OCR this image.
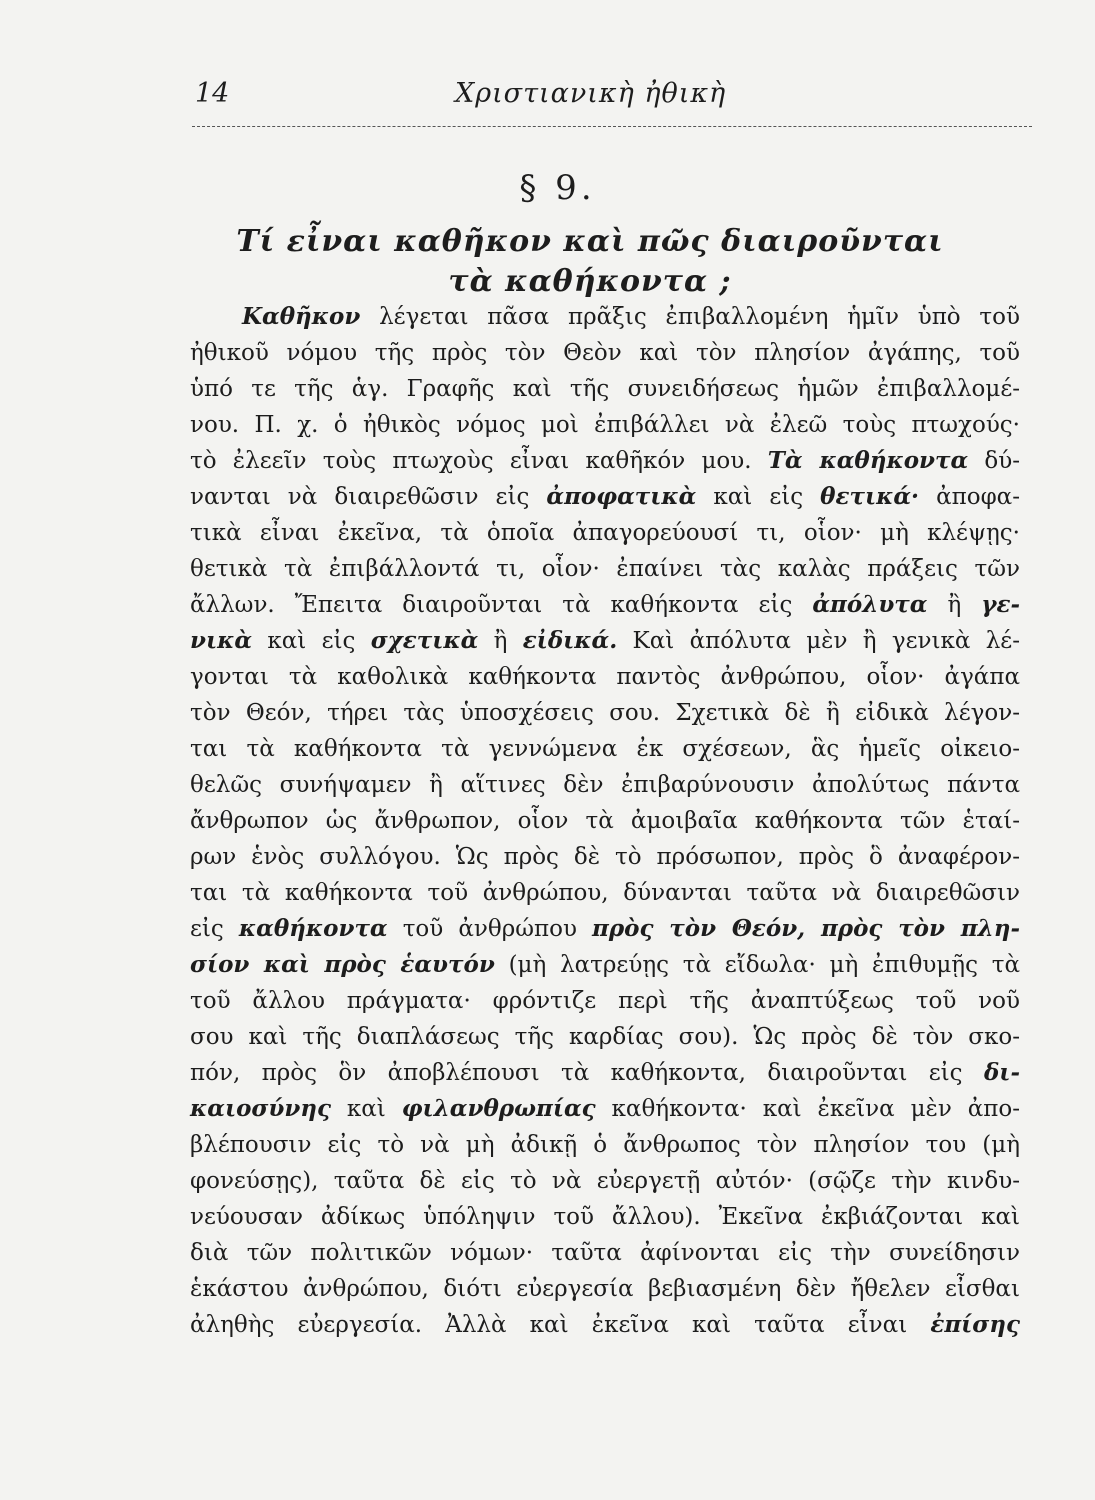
14	Χριστιανικὴ ἠθικὴ
§ 9.
Τί εἶναι καθῆκον καὶ πῶς διαιροῦνται
τὰ καθήκοντα ;
Καθῆκον λέγεται πᾶσα πρᾶξις ἐπιβαλλομένη ἡμῖν ὑπὸ τοῦ
ἠθικοῦ νόμου τῆς πρὸς τὸν Θεὸν καὶ τὸν πλησίον ἀγάπης, τοῦ
ὑπό τε τῆς ἁγ. Γραφῆς καὶ τῆς συνειδήσεως ἡμῶν ἐπιβαλλομέ-
νου. Π. χ. ὁ ἠθικὸς νόμος μοὶ ἐπιβάλλει νὰ ἐλεῶ τοὺς πτωχούς·
τὸ ἐλεεῖν τοὺς πτωχοὺς εἶναι καθῆκόν μου. Τὰ καθήκοντα δύ-
νανται νὰ διαιρεθῶσιν εἰς ἀποφατικὰ καὶ εἰς θετικά· ἀποφα-
τικὰ εἶναι ἐκεῖνα, τὰ ὁποῖα ἀπαγορεύουσί τι, οἷον· μὴ κλέψῃς·
θετικὰ τὰ ἐπιβάλλοντά τι, οἷον· ἐπαίνει τὰς καλὰς πράξεις τῶν
ἄλλων. Ἔπειτα διαιροῦνται τὰ καθήκοντα εἰς ἀπόλυτα ἢ γε-
νικὰ καὶ εἰς σχετικὰ ἢ εἰδικά. Καὶ ἀπόλυτα μὲν ἢ γενικὰ λέ-
γονται τὰ καθολικὰ καθήκοντα παντὸς ἀνθρώπου, οἷον· ἀγάπα
τὸν Θεόν, τήρει τὰς ὑποσχέσεις σου. Σχετικὰ δὲ ἢ εἰδικὰ λέγον-
ται τὰ καθήκοντα τὰ γεννώμενα ἐκ σχέσεων, ἃς ἡμεῖς οἰκειο-
θελῶς συνήψαμεν ἢ αἵτινες δὲν ἐπιβαρύνουσιν ἀπολύτως πάντα
ἄνθρωπον ὡς ἄνθρωπον, οἷον τὰ ἀμοιβαῖα καθήκοντα τῶν ἑταί-
ρων ἑνὸς συλλόγου. Ὡς πρὸς δὲ τὸ πρόσωπον, πρὸς ὃ ἀναφέρον-
ται τὰ καθήκοντα τοῦ ἀνθρώπου, δύνανται ταῦτα νὰ διαιρεθῶσιν
εἰς καθήκοντα τοῦ ἀνθρώπου πρὸς τὸν Θεόν, πρὸς τὸν πλη-
σίον καὶ πρὸς ἑαυτόν (μὴ λατρεύῃς τὰ εἴδωλα· μὴ ἐπιθυμῇς τὰ
τοῦ ἄλλου πράγματα· φρόντιζε περὶ τῆς ἀναπτύξεως τοῦ νοῦ
σου καὶ τῆς διαπλάσεως τῆς καρδίας σου). Ὡς πρὸς δὲ τὸν σκο-
πόν, πρὸς ὃν ἀποβλέπουσι τὰ καθήκοντα, διαιροῦνται εἰς δι-
καιοσύνης καὶ φιλανθρωπίας καθήκοντα· καὶ ἐκεῖνα μὲν ἀπο-
βλέπουσιν εἰς τὸ νὰ μὴ ἀδικῇ ὁ ἄνθρωπος τὸν πλησίον του (μὴ
φονεύσῃς), ταῦτα δὲ εἰς τὸ νὰ εὐεργετῇ αὐτόν· (σῷζε τὴν κινδυ-
νεύουσαν ἀδίκως ὑπόληψιν τοῦ ἄλλου). Ἐκεῖνα ἐκβιάζονται καὶ
διὰ τῶν πολιτικῶν νόμων· ταῦτα ἀφίνονται εἰς τὴν συνείδησιν
ἑκάστου ἀνθρώπου, διότι εὐεργεσία βεβιασμένη δὲν ἤθελεν εἶσθαι
ἀληθὴς εὐεργεσία. Ἀλλὰ καὶ ἐκεῖνα καὶ ταῦτα εἶναι ἐπίσης
